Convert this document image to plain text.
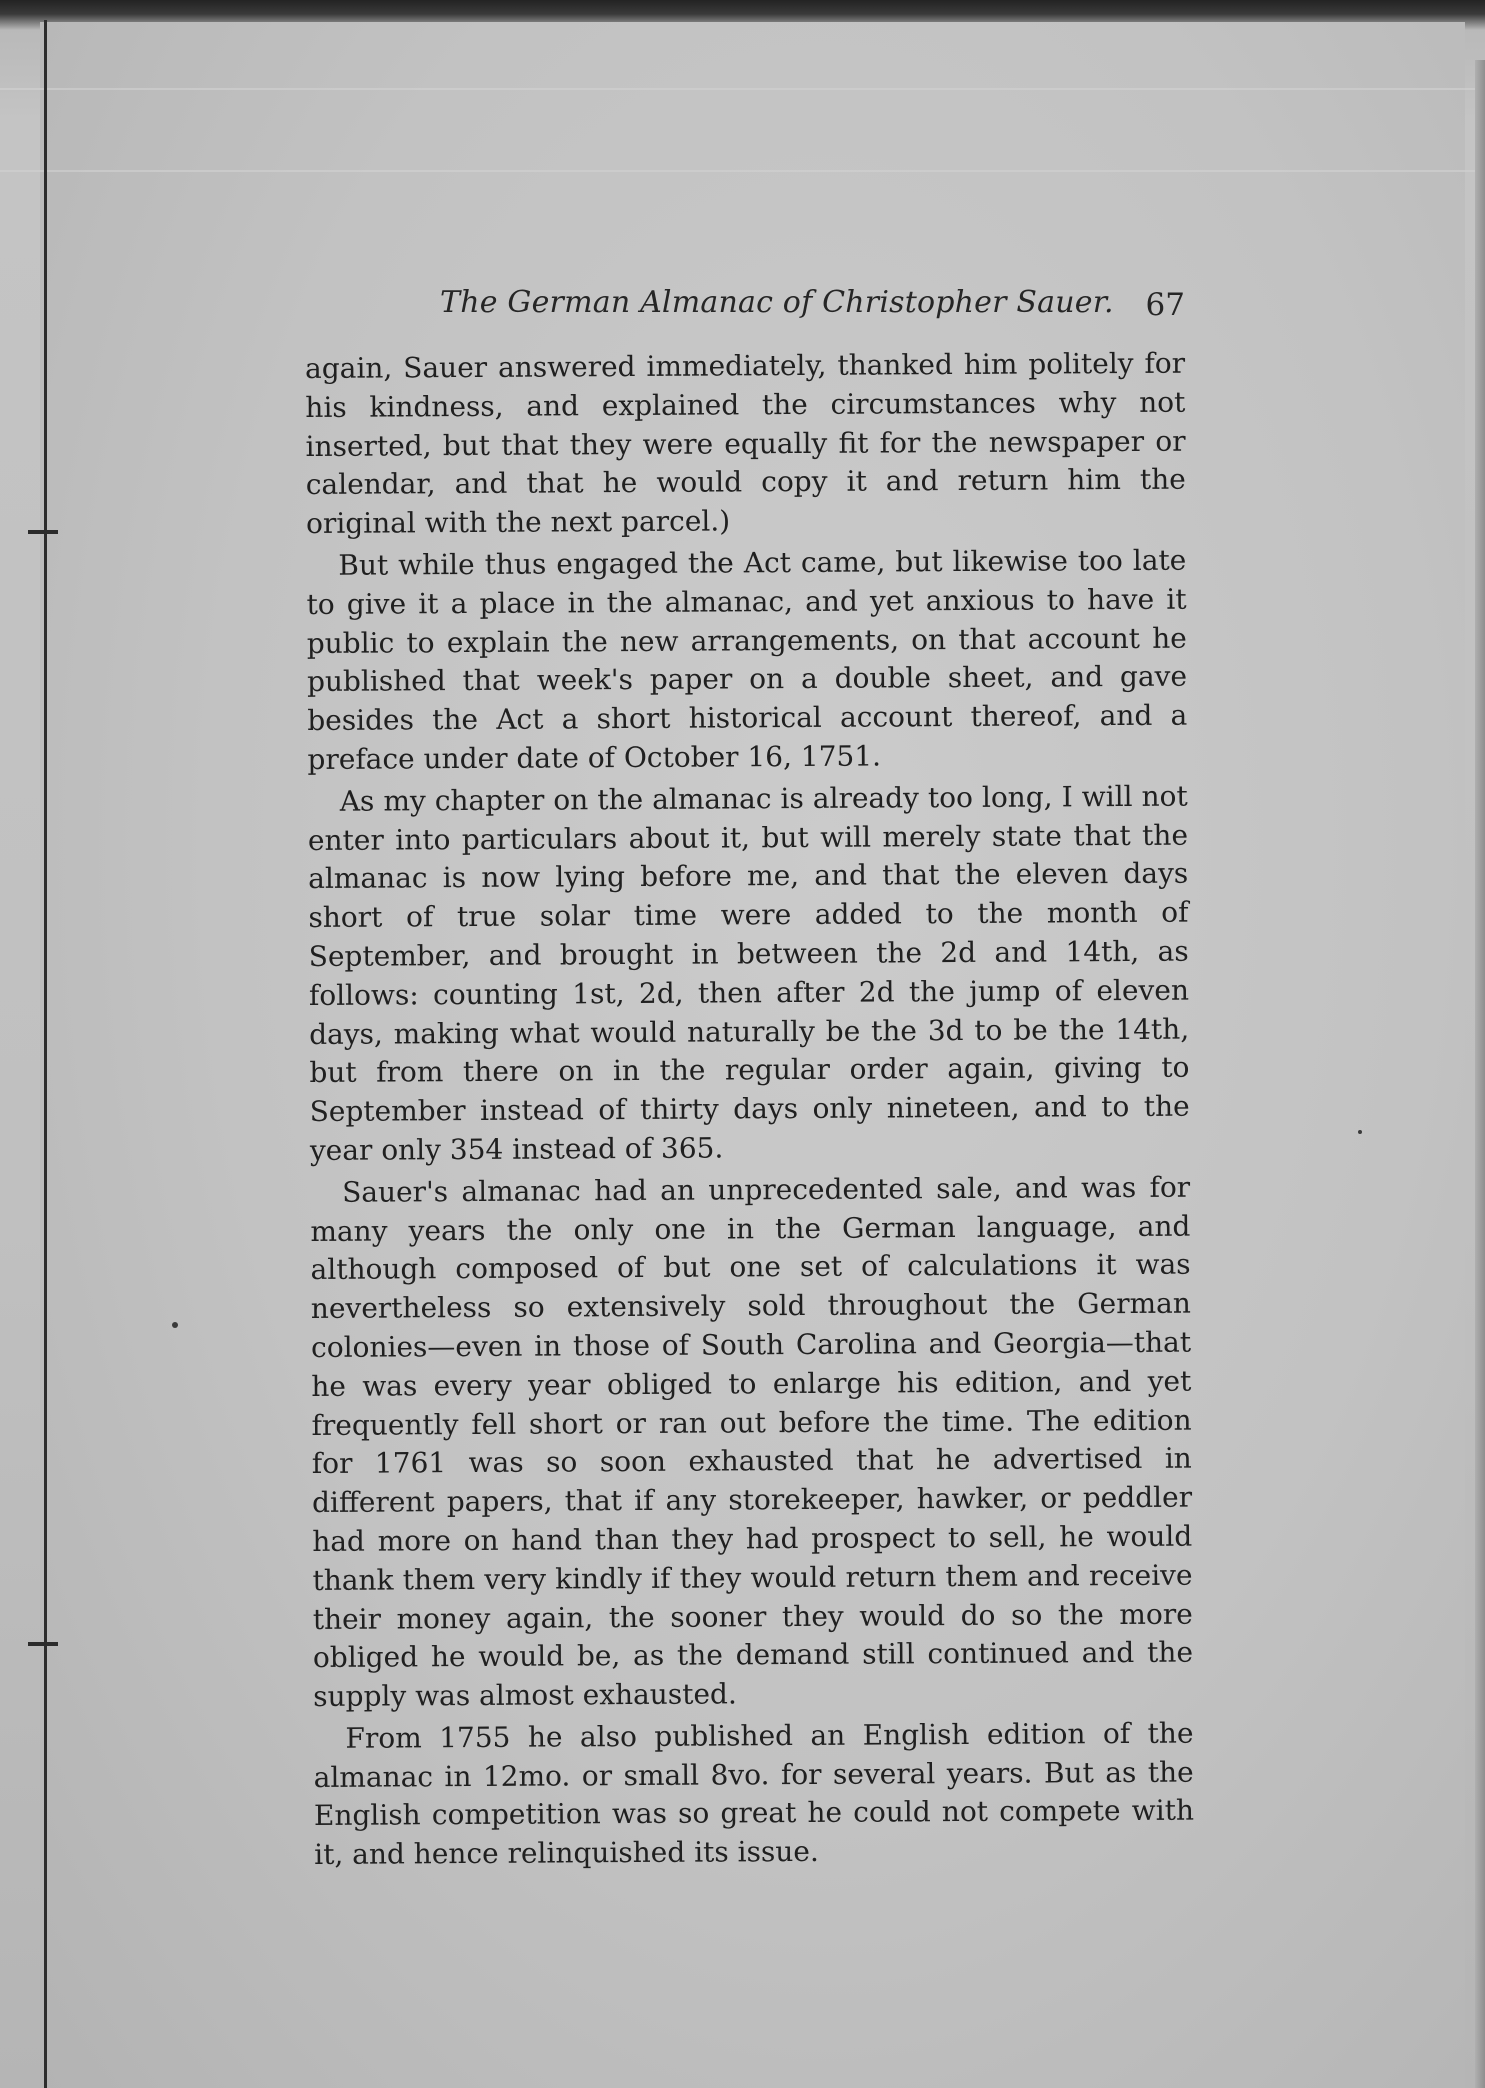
The German Almanac of Christopher Sauer. 67

again, Sauer answered immediately, thanked him politely for his kindness, and explained the circumstances why not inserted, but that they were equally fit for the newspaper or calendar, and that he would copy it and return him the original with the next parcel.)

But while thus engaged the Act came, but likewise too late to give it a place in the almanac, and yet anxious to have it public to explain the new arrangements, on that account he published that week's paper on a double sheet, and gave besides the Act a short historical account thereof, and a preface under date of October 16, 1751.

As my chapter on the almanac is already too long, I will not enter into particulars about it, but will merely state that the almanac is now lying before me, and that the eleven days short of true solar time were added to the month of September, and brought in between the 2d and 14th, as follows: counting 1st, 2d, then after 2d the jump of eleven days, making what would naturally be the 3d to be the 14th, but from there on in the regular order again, giving to September instead of thirty days only nineteen, and to the year only 354 instead of 365.

Sauer's almanac had an unprecedented sale, and was for many years the only one in the German language, and although composed of but one set of calculations it was nevertheless so extensively sold throughout the German colonies—even in those of South Carolina and Georgia—that he was every year obliged to enlarge his edition, and yet frequently fell short or ran out before the time. The edition for 1761 was so soon exhausted that he advertised in different papers, that if any storekeeper, hawker, or peddler had more on hand than they had prospect to sell, he would thank them very kindly if they would return them and receive their money again, the sooner they would do so the more obliged he would be, as the demand still continued and the supply was almost exhausted.

From 1755 he also published an English edition of the almanac in 12mo. or small 8vo. for several years. But as the English competition was so great he could not compete with it, and hence relinquished its issue.
